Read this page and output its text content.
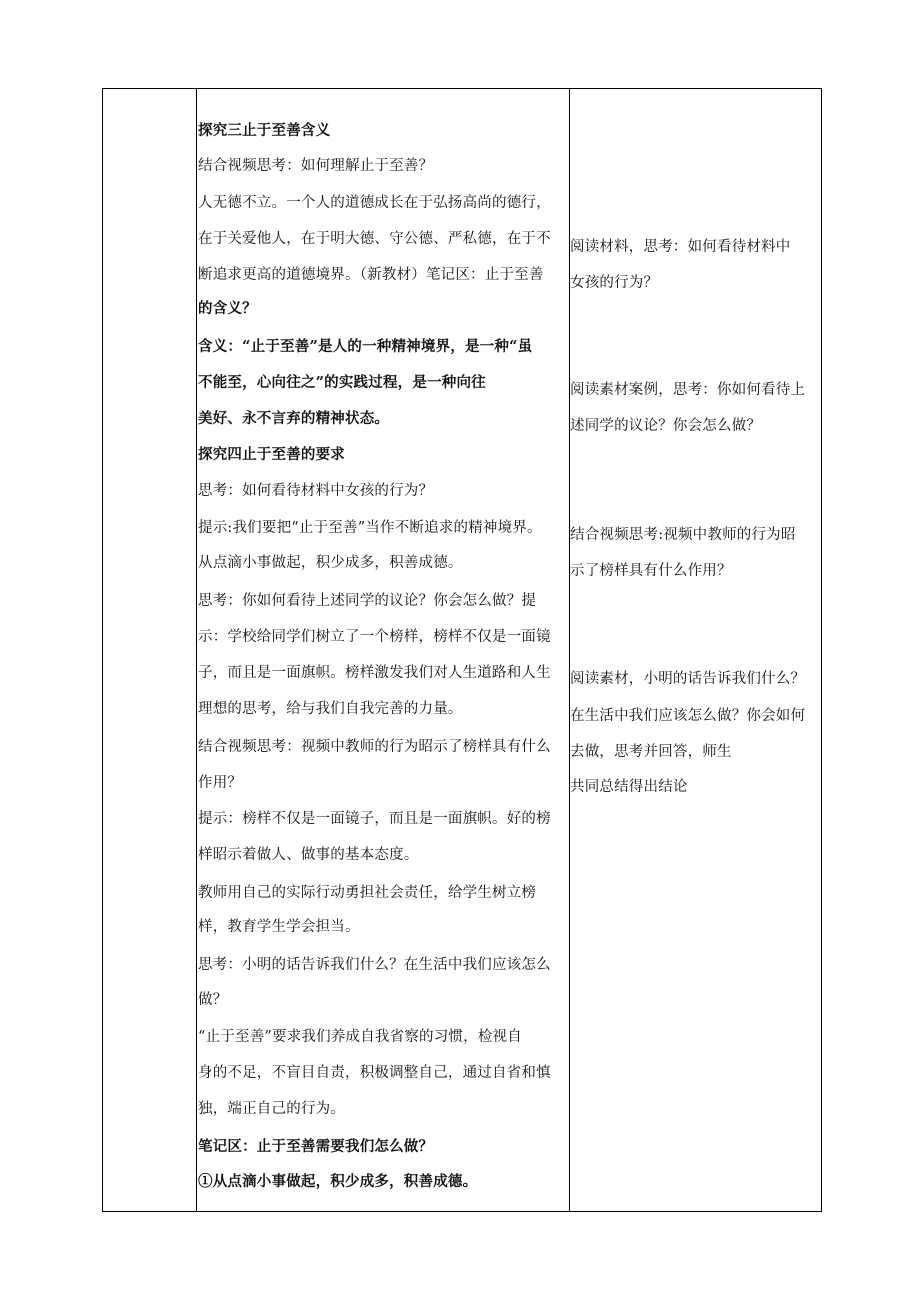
探究三止于至善含义
结合视频思考：如何理解止于至善？
人无德不立。一个人的道德成长在于弘扬高尚的德行，
在于关爱他人，在于明大德、守公德、严私德，在于不
断追求更高的道德境界。（新教材）笔记区：止于至善
的含义？
含义：“止于至善”是人的一种精神境界，是一种“虽
不能至，心向往之”的实践过程，是一种向往
美好、永不言弃的精神状态。
探究四止于至善的要求
思考：如何看待材料中女孩的行为？
提示:我们要把“止于至善”当作不断追求的精神境界。
从点滴小事做起，积少成多，积善成德。
思考：你如何看待上述同学的议论？你会怎么做？提
示：学校给同学们树立了一个榜样，榜样不仅是一面镜
子，而且是一面旗帜。榜样激发我们对人生道路和人生
理想的思考，给与我们自我完善的力量。
结合视频思考：视频中教师的行为昭示了榜样具有什么
作用？
提示：榜样不仅是一面镜子，而且是一面旗帜。好的榜
样昭示着做人、做事的基本态度。
教师用自己的实际行动勇担社会责任，给学生树立榜
样，教育学生学会担当。
思考：小明的话告诉我们什么？在生活中我们应该怎么
做？
“止于至善”要求我们养成自我省察的习惯，检视自
身的不足，不盲目自责，积极调整自己，通过自省和慎
独，端正自己的行为。
笔记区：止于至善需要我们怎么做？
①从点滴小事做起，积少成多，积善成德。
阅读材料，思考：如何看待材料中
女孩的行为？
阅读素材案例，思考：你如何看待上
述同学的议论？你会怎么做？
结合视频思考:视频中教师的行为昭
示了榜样具有什么作用？
阅读素材，小明的话告诉我们什么？
在生活中我们应该怎么做？你会如何
去做，思考并回答，师生
共同总结得出结论
